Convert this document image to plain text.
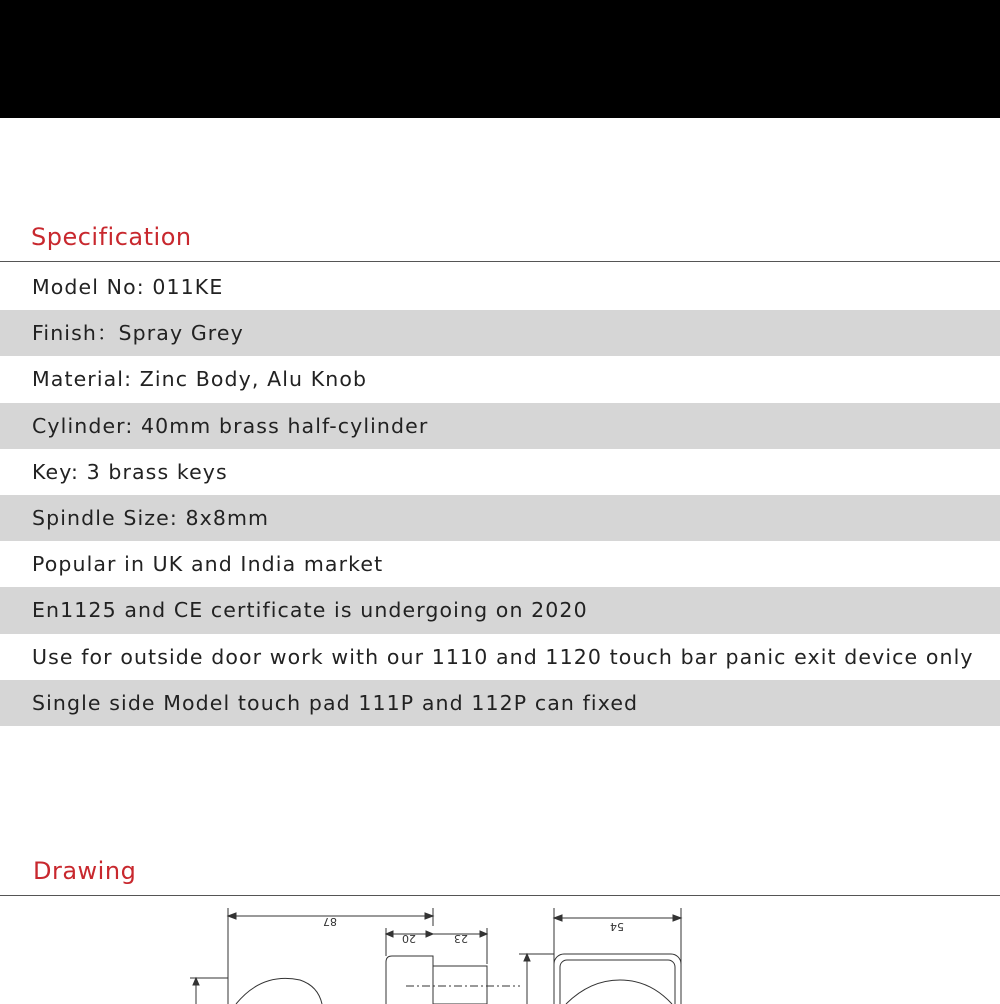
Specification
Model No: 011KE
Finish：Spray Grey
Material: Zinc Body, Alu Knob
Cylinder: 40mm brass half-cylinder
Key: 3 brass keys
Spindle Size: 8x8mm
Popular in UK and India market
En1125 and CE certificate is undergoing on 2020
Use for outside door work with our 1110 and 1120 touch bar panic exit device only
Single side Model touch pad 111P and 112P can fixed
Drawing
87
20	23
54
